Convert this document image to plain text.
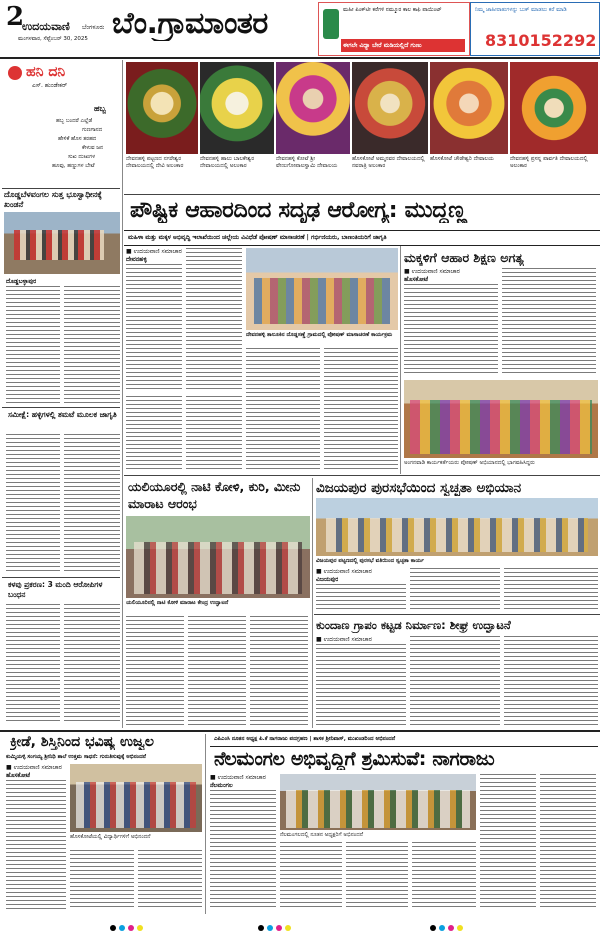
2
ಉದಯವಾಣಿ ಬೆಂಗಳೂರು
ಮಂಗಳವಾರ, ಸೆಪ್ಟೆಂಬರ್ 30, 2025 ಬೆಂ.ಗ್ರಾಮಾಂತರ	ಮಹೀ ಪಿಂಕ್‌ಟೀ ಕರೆಗಳಿ ನಮ್ಮೂರ ಕಾಲ ಕಾಫಿ ಪಾಯಿಂಟ್
ಈಗಲೇ ವಿಧ್ಯಾ ಬೇರೆ ಮಡಿಯಲ್ಲಿದೆ ಗುಣು
ನಿಮ್ಮ ಜಾಹೀರಾತುಗಳನ್ನು ಬುಕ್ ಮಾಡಲು ಕರೆ ಮಾಡಿ
8310152292
ಹನಿ ದನಿ
ಎಸ್. ಹುಂಡೇಕರ್
ಹಬ್ಬ
ಹಬ್ಬ ಬಂದರೆ ಎಲ್ಲೆಡೆ
ಗುಣಗಾನದ
ಹೇಳಿಕೆ ಹೊಸ ತರಹದ
ಕೇಳುವ ಜನ
ಸುಖ ದುಃಖಗಳ
ಹೂವು, ಹಣ್ಣುಗಳ ಬೇಟೆ
ದೊಡ್ಡಬೆಳವಂಗಲ ಸುತ್ತ ಭೂಸ್ವಾಧೀನಕ್ಕೆ ಖಂಡನೆ
ದೊಡ್ಡಬಳ್ಳಾಪುರ
ಸಮೀಕ್ಷೆ: ಹಳ್ಳಿಗಳಲ್ಲಿ ತಮಟೆ ಮೂಲಕ ಜಾಗೃತಿ
ಕಳವು ಪ್ರಕರಣ: 3 ಮಂದಿ ಆರೋಪಿಗಳ ಬಂಧನ
ದೇವನಹಳ್ಳಿ ಪಟ್ಟಣದ ನಗರೇಶ್ವರ ದೇವಾಲಯದಲ್ಲಿ ದೇವಿ ಅಲಂಕಾರ
ದೇವನಹಳ್ಳಿ ಹಾಲು ಬಾಲಕೇಶ್ವರ ದೇವಾಲಯದಲ್ಲಿ ಅಲಂಕಾರ
ದೇವನಹಳ್ಳಿ ಕೋಟೆ ಶ್ರೀ ವೇಣುಗೋಪಾಲಸ್ವಾಮಿ ದೇವಾಲಯ
ಹೊಸಕೋಟೆ ಅಮ್ಮನವರ ದೇವಾಲಯದಲ್ಲಿ ನವರಾತ್ರಿ ಅಲಂಕಾರ
ಹೊಸಕೋಟೆ ಚೌಡೇಶ್ವರಿ ದೇವಾಲಯ	ದೇವನಹಳ್ಳಿ ಪ್ರಸನ್ನ ಪಾರ್ವತಿ ದೇವಾಲಯದಲ್ಲಿ ಅಲಂಕಾರ
ಪೌಷ್ಟಿಕ ಆಹಾರದಿಂದ ಸದೃಢ ಆರೋಗ್ಯ: ಮುದ್ದಣ್ಣ
ಮಹಿಳಾ ಮತ್ತು ಮಕ್ಕಳ ಅಭಿವೃದ್ಧಿ ಇಲಾಖೆಯಿಂದ ಚಲ್ಲೇಯ ವಿವಿಧೆಡೆ ಪೋಷಣ್ ಮಾಸಾಚರಣೆ | ಗರ್ಭಿಣಿಯರು, ಬಾಣಂತಿಯರಿಗೆ ಜಾಗೃತಿ
■ ಉದಯವಾಣಿ ಸಮಾಚಾರ
ದೇವನಹಳ್ಳಿ
ದೇವನಹಳ್ಳಿ ತಾಲೂಕಿನ ದೊಡ್ಡಸಣ್ಣೆ ಗ್ರಾಮದಲ್ಲಿ ಪೋಷಣ್ ಮಾಸಾಚರಣೆ ಕಾರ್ಯಕ್ರಮ
ಮಕ್ಕಳಿಗೆ ಆಹಾರ ಶಿಕ್ಷಣ ಅಗತ್ಯ
■ ಉದಯವಾಣಿ ಸಮಾಚಾರ
ಹೊಸಕೋಟೆ
ಅಂಗನವಾಡಿ ಕಾರ್ಯಕರ್ತೆಯರು ಪೋಷಣ್ ಅಭಿಯಾನದಲ್ಲಿ ಭಾಗವಹಿಸಿದ್ದರು
ಯಲಿಯೂರಲ್ಲಿ ನಾಟಿ ಕೋಳಿ, ಕುರಿ, ಮೀನು ಮಾರಾಟ ಆರಂಭ
ಯಲಿಯೂರಿನಲ್ಲಿ ನಾಟಿ ಕೋಳಿ ಮಾರಾಟ ಕೇಂದ್ರ ಉದ್ಘಾಟನೆ
ವಿಜಯಪುರ ಪುರಸಭೆಯಿಂದ ಸ್ವಚ್ಛತಾ ಅಭಿಯಾನ
ವಿಜಯಪುರ ಪಟ್ಟಣದಲ್ಲಿ ಪುರಸಭೆ ವತಿಯಿಂದ ಸ್ವಚ್ಛತಾ ಕಾರ್ಯ
■ ಉದಯವಾಣಿ ಸಮಾಚಾರ
ವಿಜಯಪುರ
ಕುಂದಾಣ ಗ್ರಾಪಂ ಕಟ್ಟಡ ನಿರ್ಮಾಣ: ಶೀಘ್ರ ಉದ್ಘಾಟನೆ
■ ಉದಯವಾಣಿ ಸಮಾಚಾರ
ಕ್ರೀಡೆ, ಶಿಸ್ತಿನಿಂದ ಭವಿಷ್ಯ ಉಜ್ವಲ
ಕುಮ್ಮಿಯಳ್ಳಿ ಸಂಗಯ್ಯ ಶ್ರೀನಿಧಿ ಶಾಲೆ ಉತ್ತಮ ಸಾಧನೆ: ಗುರುತಿಸುವುಕ್ಕೆ ಅಭಿನಂದನೆ
■ ಉದಯವಾಣಿ ಸಮಾಚಾರ
ಹೊಸಕೋಟೆ
ಹೊಸಕೋಟೆಯಲ್ಲಿ ವಿದ್ಯಾರ್ಥಿಗಳಿಗೆ ಅಭಿನಂದನೆ
ಎಪಿಎಂಸಿ ನೂತನ ಅಧ್ಯಕ್ಷ ಪಿ.ಕೆ ನಾಗರಾಜು ಪದಗ್ರಹಣ | ಶಾಸಕ ಶ್ರೀನಿವಾಸ್, ಮುಖಂಡರಿಂದ ಅಭಿನಂದನೆ
ನೆಲಮಂಗಲ ಅಭಿವೃದ್ಧಿಗೆ ಶ್ರಮಿಸುವೆ: ನಾಗರಾಜು
■ ಉದಯವಾಣಿ ಸಮಾಚಾರ
ನೆಲಮಂಗಲ
ನೆಲಮಂಗಲದಲ್ಲಿ ನೂತನ ಅಧ್ಯಕ್ಷರಿಗೆ ಅಭಿನಂದನೆ
